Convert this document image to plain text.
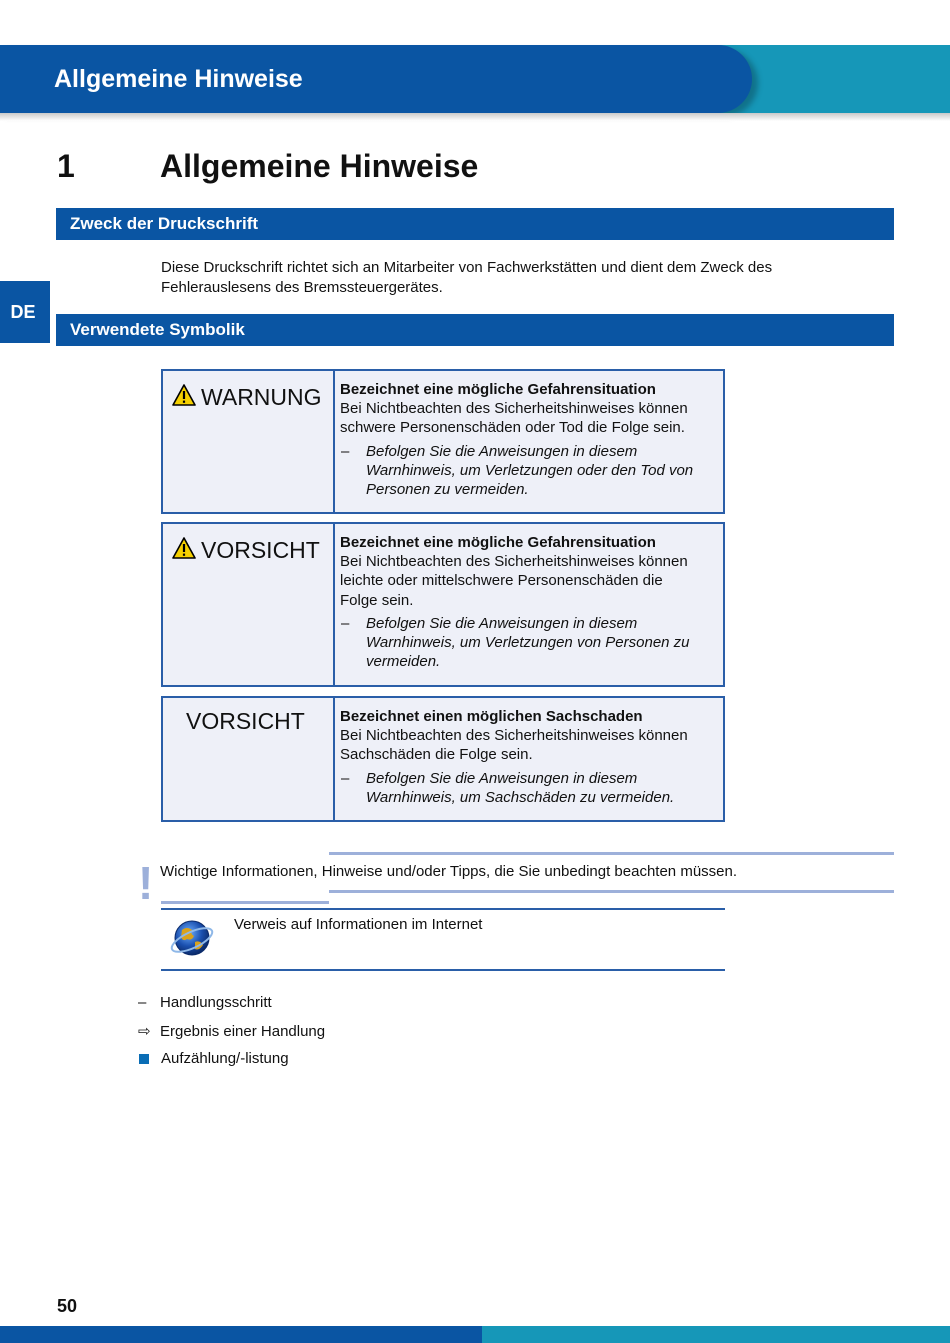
Allgemeine Hinweise
DE
1	Allgemeine Hinweise
Zweck der Druckschrift
Diese Druckschrift richtet sich an Mitarbeiter von Fachwerkstätten und dient dem Zweck des
Fehlerauslesens des Bremssteuergerätes.
Verwendete Symbolik
WARNUNG Bezeichnet eine mögliche Gefahrensituation
Bei Nichtbeachten des Sicherheitshinweises können
schwere Personenschäden oder Tod die Folge sein.
–	Befolgen Sie die Anweisungen in diesem
Warnhinweis, um Verletzungen oder den Tod von
Personen zu vermeiden.
VORSICHT Bezeichnet eine mögliche Gefahrensituation
Bei Nichtbeachten des Sicherheitshinweises können
leichte oder mittelschwere Personenschäden die
Folge sein.
–	Befolgen Sie die Anweisungen in diesem
Warnhinweis, um Verletzungen von Personen zu
vermeiden.
VORSICHT Bezeichnet einen möglichen Sachschaden
Bei Nichtbeachten des Sicherheitshinweises können
Sachschäden die Folge sein.
–	Befolgen Sie die Anweisungen in diesem
Warnhinweis, um Sachschäden zu vermeiden.
! Wichtige Informationen, Hinweise und/oder Tipps, die Sie unbedingt beachten müssen.
Verweis auf Informationen im Internet
– Handlungsschritt
⇨ Ergebnis einer Handlung
Aufzählung/-listung
50
